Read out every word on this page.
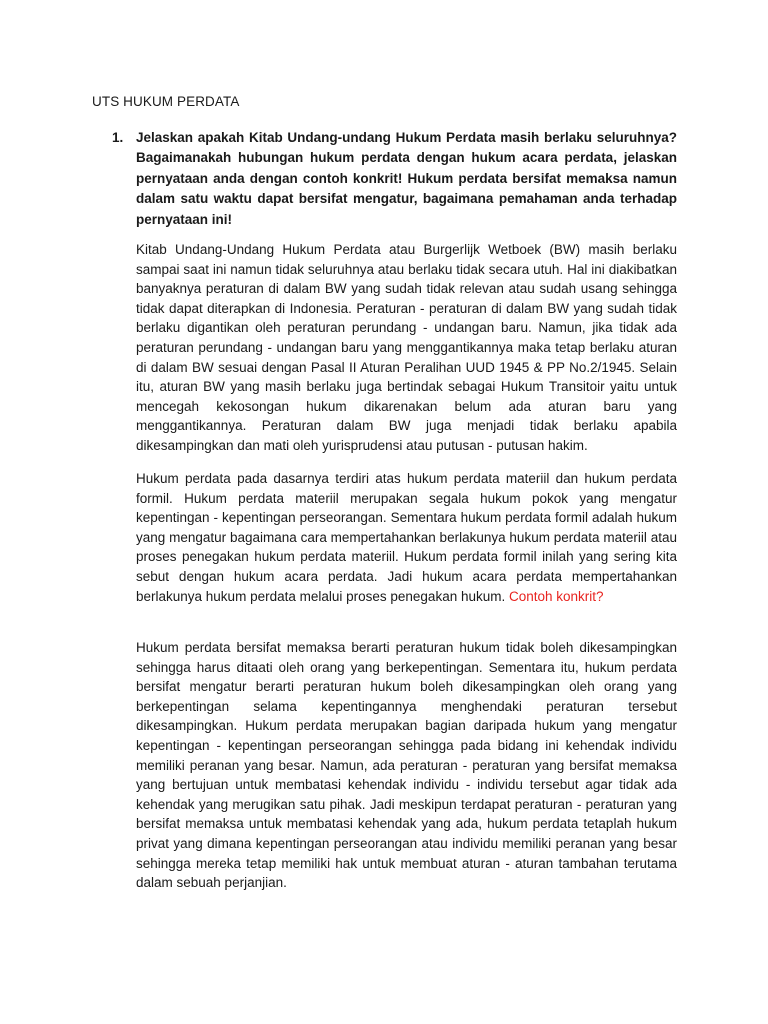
UTS HUKUM PERDATA
1. Jelaskan apakah Kitab Undang-undang Hukum Perdata masih berlaku seluruhnya? Bagaimanakah hubungan hukum perdata dengan hukum acara perdata, jelaskan pernyataan anda dengan contoh konkrit! Hukum perdata bersifat memaksa namun dalam satu waktu dapat bersifat mengatur, bagaimana pemahaman anda terhadap pernyataan ini!

Kitab Undang-Undang Hukum Perdata atau Burgerlijk Wetboek (BW) masih berlaku sampai saat ini namun tidak seluruhnya atau berlaku tidak secara utuh. Hal ini diakibatkan banyaknya peraturan di dalam BW yang sudah tidak relevan atau sudah usang sehingga tidak dapat diterapkan di Indonesia. Peraturan - peraturan di dalam BW yang sudah tidak berlaku digantikan oleh peraturan perundang - undangan baru. Namun, jika tidak ada peraturan perundang - undangan baru yang menggantikannya maka tetap berlaku aturan di dalam BW sesuai dengan Pasal II Aturan Peralihan UUD 1945 & PP No.2/1945. Selain itu, aturan BW yang masih berlaku juga bertindak sebagai Hukum Transitoir yaitu untuk mencegah kekosongan hukum dikarenakan belum ada aturan baru yang menggantikannya. Peraturan dalam BW juga menjadi tidak berlaku apabila dikesampingkan dan mati oleh yurisprudensi atau putusan - putusan hakim.

Hukum perdata pada dasarnya terdiri atas hukum perdata materiil dan hukum perdata formil. Hukum perdata materiil merupakan segala hukum pokok yang mengatur kepentingan - kepentingan perseorangan. Sementara hukum perdata formil adalah hukum yang mengatur bagaimana cara mempertahankan berlakunya hukum perdata materiil atau proses penegakan hukum perdata materiil. Hukum perdata formil inilah yang sering kita sebut dengan hukum acara perdata. Jadi hukum acara perdata mempertahankan berlakunya hukum perdata melalui proses penegakan hukum. Contoh konkrit?

Hukum perdata bersifat memaksa berarti peraturan hukum tidak boleh dikesampingkan sehingga harus ditaati oleh orang yang berkepentingan. Sementara itu, hukum perdata bersifat mengatur berarti peraturan hukum boleh dikesampingkan oleh orang yang berkepentingan selama kepentingannya menghendaki peraturan tersebut dikesampingkan. Hukum perdata merupakan bagian daripada hukum yang mengatur kepentingan - kepentingan perseorangan sehingga pada bidang ini kehendak individu memiliki peranan yang besar. Namun, ada peraturan - peraturan yang bersifat memaksa yang bertujuan untuk membatasi kehendak individu - individu tersebut agar tidak ada kehendak yang merugikan satu pihak. Jadi meskipun terdapat peraturan - peraturan yang bersifat memaksa untuk membatasi kehendak yang ada, hukum perdata tetaplah hukum privat yang dimana kepentingan perseorangan atau individu memiliki peranan yang besar sehingga mereka tetap memiliki hak untuk membuat aturan - aturan tambahan terutama dalam sebuah perjanjian.
